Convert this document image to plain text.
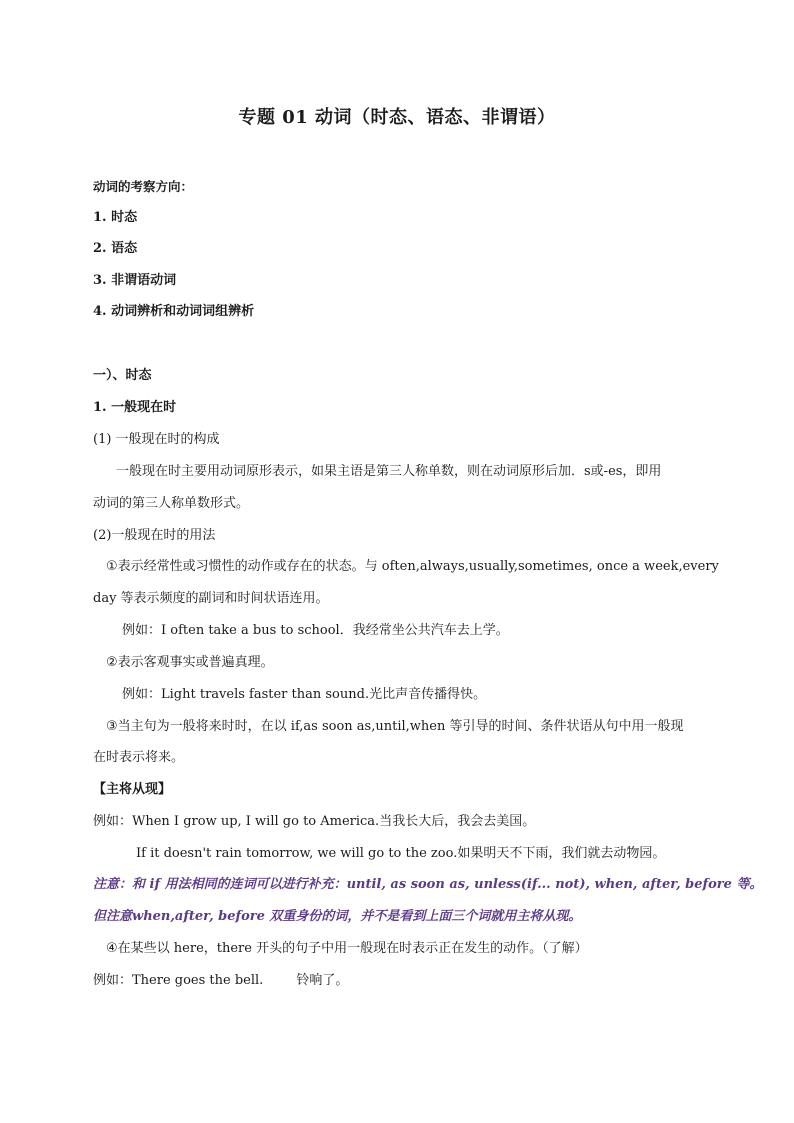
专题 01 动词（时态、语态、非谓语）
动词的考察方向：
1. 时态
2. 语态
3. 非谓语动词
4. 动词辨析和动词词组辨析
一）、时态
1. 一般现在时
(1) 一般现在时的构成
一般现在时主要用动词原形表示，如果主语是第三人称单数，则在动词原形后加．s或-es，即用
动词的第三人称单数形式。
(2)一般现在时的用法
①表示经常性或习惯性的动作或存在的状态。与 often,always,usually,sometimes, once a week,every
day 等表示频度的副词和时间状语连用。
例如：I often take a bus to school．我经常坐公共汽车去上学。
②表示客观事实或普遍真理。
例如：Light travels faster than sound.光比声音传播得快。
③当主句为一般将来时时，在以 if,as soon as,until,when 等引导的时间、条件状语从句中用一般现
在时表示将来。
【主将从现】
例如：When I grow up, I will go to America.当我长大后，我会去美国。
If it doesn't rain tomorrow, we will go to the zoo.如果明天不下雨，我们就去动物园。
注意：和 if 用法相同的连词可以进行补充：until, as soon as, unless(if... not), when, after, before 等。
但注意when,after, before 双重身份的词，并不是看到上面三个词就用主将从现。
④在某些以 here，there 开头的句子中用一般现在时表示正在发生的动作。（了解）
例如：There goes the bell.        铃响了。
